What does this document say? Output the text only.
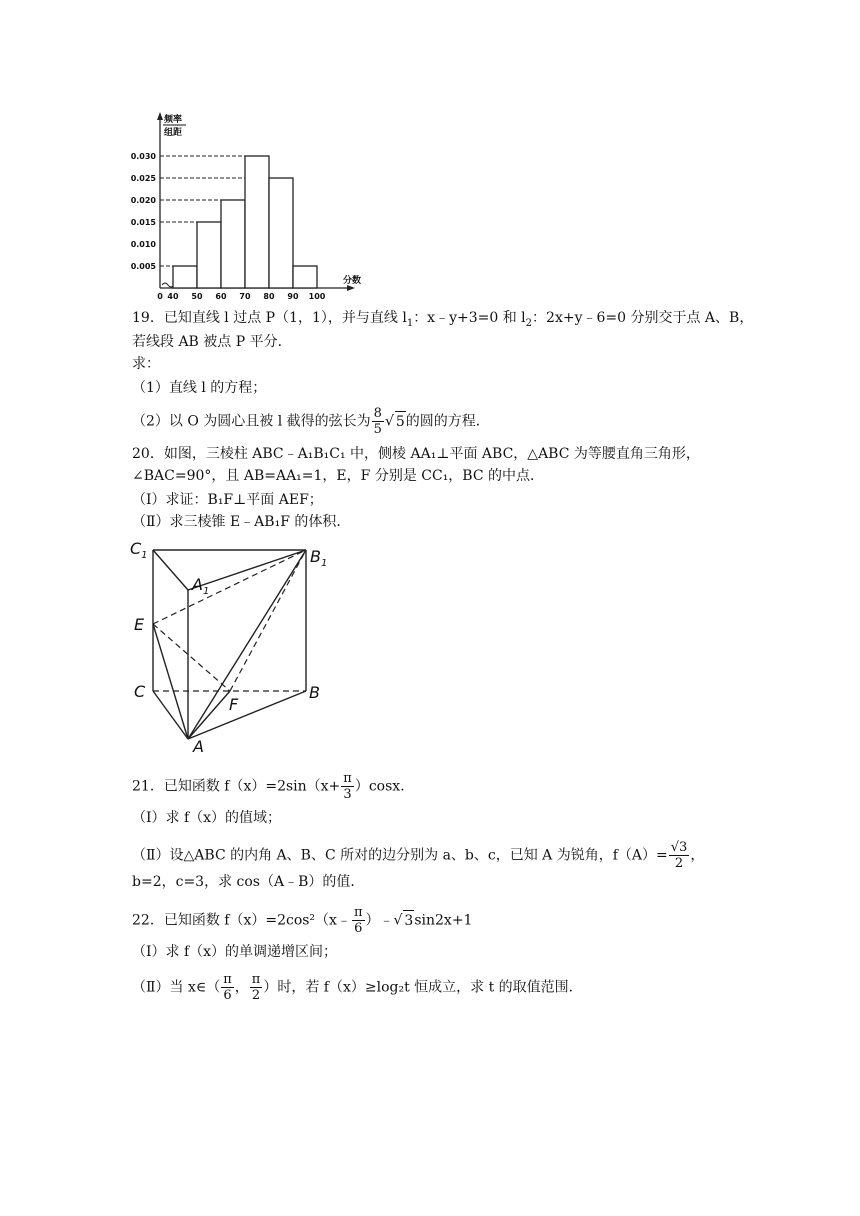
频率
组距
0.030
0.025
0.020
0.015
0.010
0.005
0 40 50 60 70 80 90 100
分数
19．已知直线 l 过点 P（1，1），并与直线 $l_1$：x﹣y+3=0 和 $l_2$：2x+y﹣6=0 分别交于点 A、B，
若线段 AB 被点 P 平分．
求：
（1）直线 l 的方程；
（2）以 O 为圆心且被 l 截得的弦长为 $\frac{8}{5}$ √ 5的圆的方程．
20．如图，三棱柱 ABC﹣A₁B₁C₁ 中，侧棱 AA₁⊥平面 ABC，△ABC 为等腰直角三角形，
∠BAC=90°，且 AB=AA₁=1，E，F 分别是 CC₁，BC 的中点．
（Ⅰ）求证：B₁F⊥平面 AEF；
（Ⅱ）求三棱锥 E﹣AB₁F 的体积．
$C_1$
$A_1$
$B_1$
E
C
F
B
A
21．已知函数 $f(x)=2\sin(x+ \frac{\pi}{3} )\cos x$．
（Ⅰ）求 f（x）的值域；
（Ⅱ）设△ABC 的内角 A、B、C 所对的边分别为 a、b、c，已知 A 为锐角，$f(A)= \frac{√3}{2}$ ，
b=2，c=3，求 cos（A﹣B）的值．
22．已知函数 f（x）=2cos²（x﹣ $\frac{\pi}{6}$ ）﹣√ 3sin2x+1
（Ⅰ）求 f（x）的单调递增区间；
（Ⅱ）当 x∈（ $\frac{\pi}{6}$ ， $\frac{\pi}{2}$ ）时，若 f（x）≥log₂t 恒成立，求 t 的取值范围．
